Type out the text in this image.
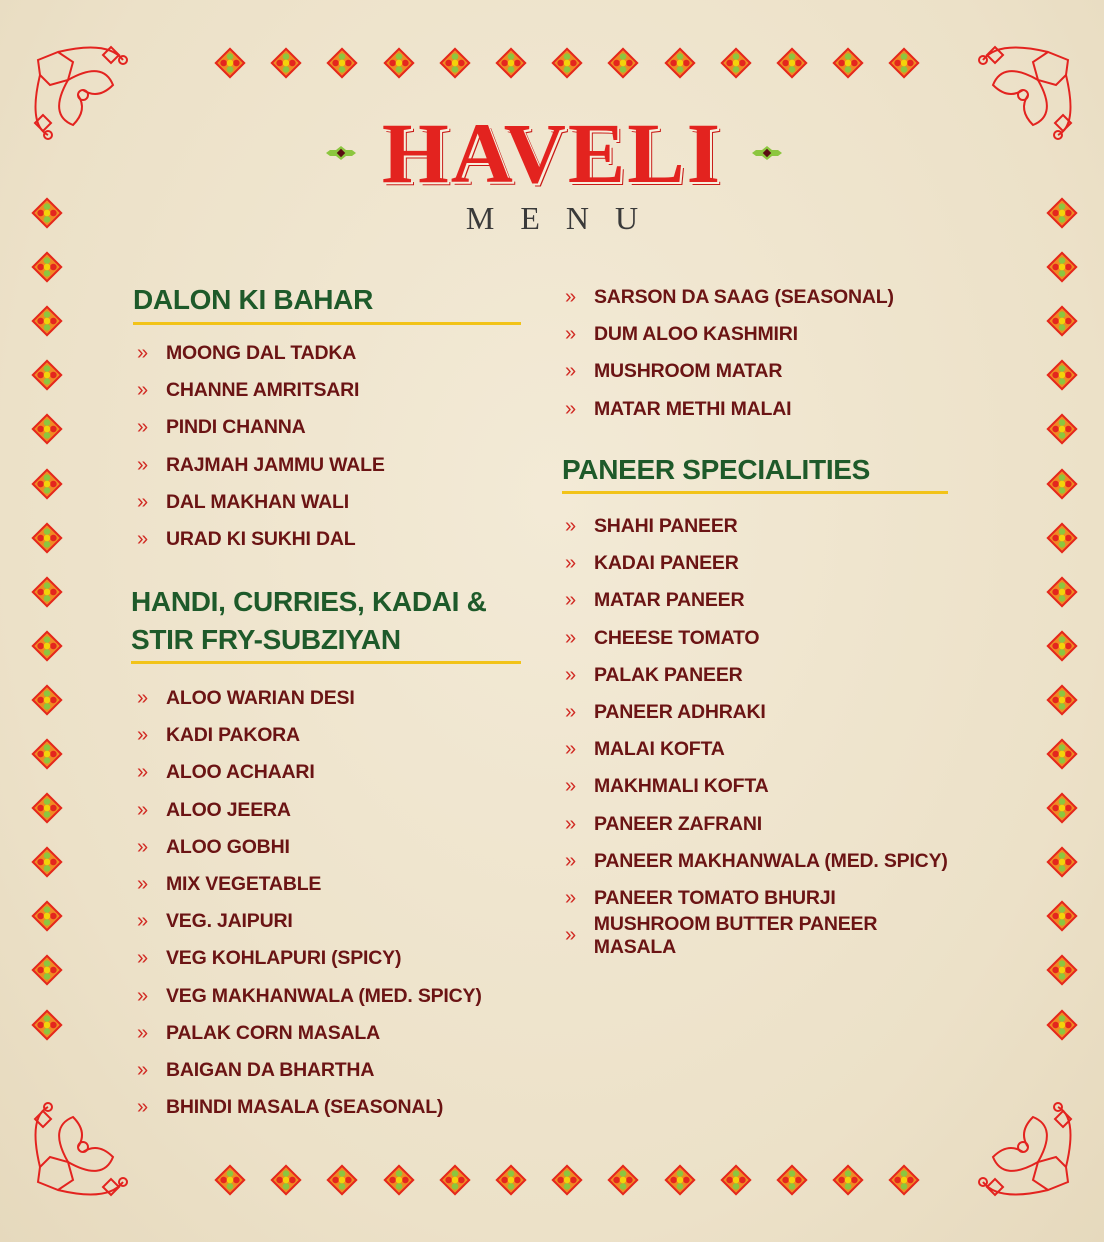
HAVELI
MENU
DALON KI BAHAR
» MOONG DAL TADKA
» CHANNE AMRITSARI
» PINDI CHANNA
» RAJMAH JAMMU WALE
» DAL MAKHAN WALI
» URAD KI SUKHI DAL
HANDI, CURRIES, KADAI &
STIR FRY-SUBZIYAN
» ALOO WARIAN DESI
» KADI PAKORA
» ALOO ACHAARI
» ALOO JEERA
» ALOO GOBHI
» MIX VEGETABLE
» VEG. JAIPURI
» VEG KOHLAPURI (SPICY)
» VEG MAKHANWALA (MED. SPICY)
» PALAK CORN MASALA
» BAIGAN DA BHARTHA
» BHINDI MASALA (SEASONAL)
» SARSON DA SAAG (SEASONAL)
» DUM ALOO KASHMIRI
» MUSHROOM MATAR
» MATAR METHI MALAI
PANEER SPECIALITIES
» SHAHI PANEER
» KADAI PANEER
» MATAR PANEER
» CHEESE TOMATO
» PALAK PANEER
» PANEER ADHRAKI
» MALAI KOFTA
» MAKHMALI KOFTA
» PANEER ZAFRANI
» PANEER MAKHANWALA (MED. SPICY)
» PANEER TOMATO BHURJI
»
MUSHROOM BUTTER PANEER MASALA
